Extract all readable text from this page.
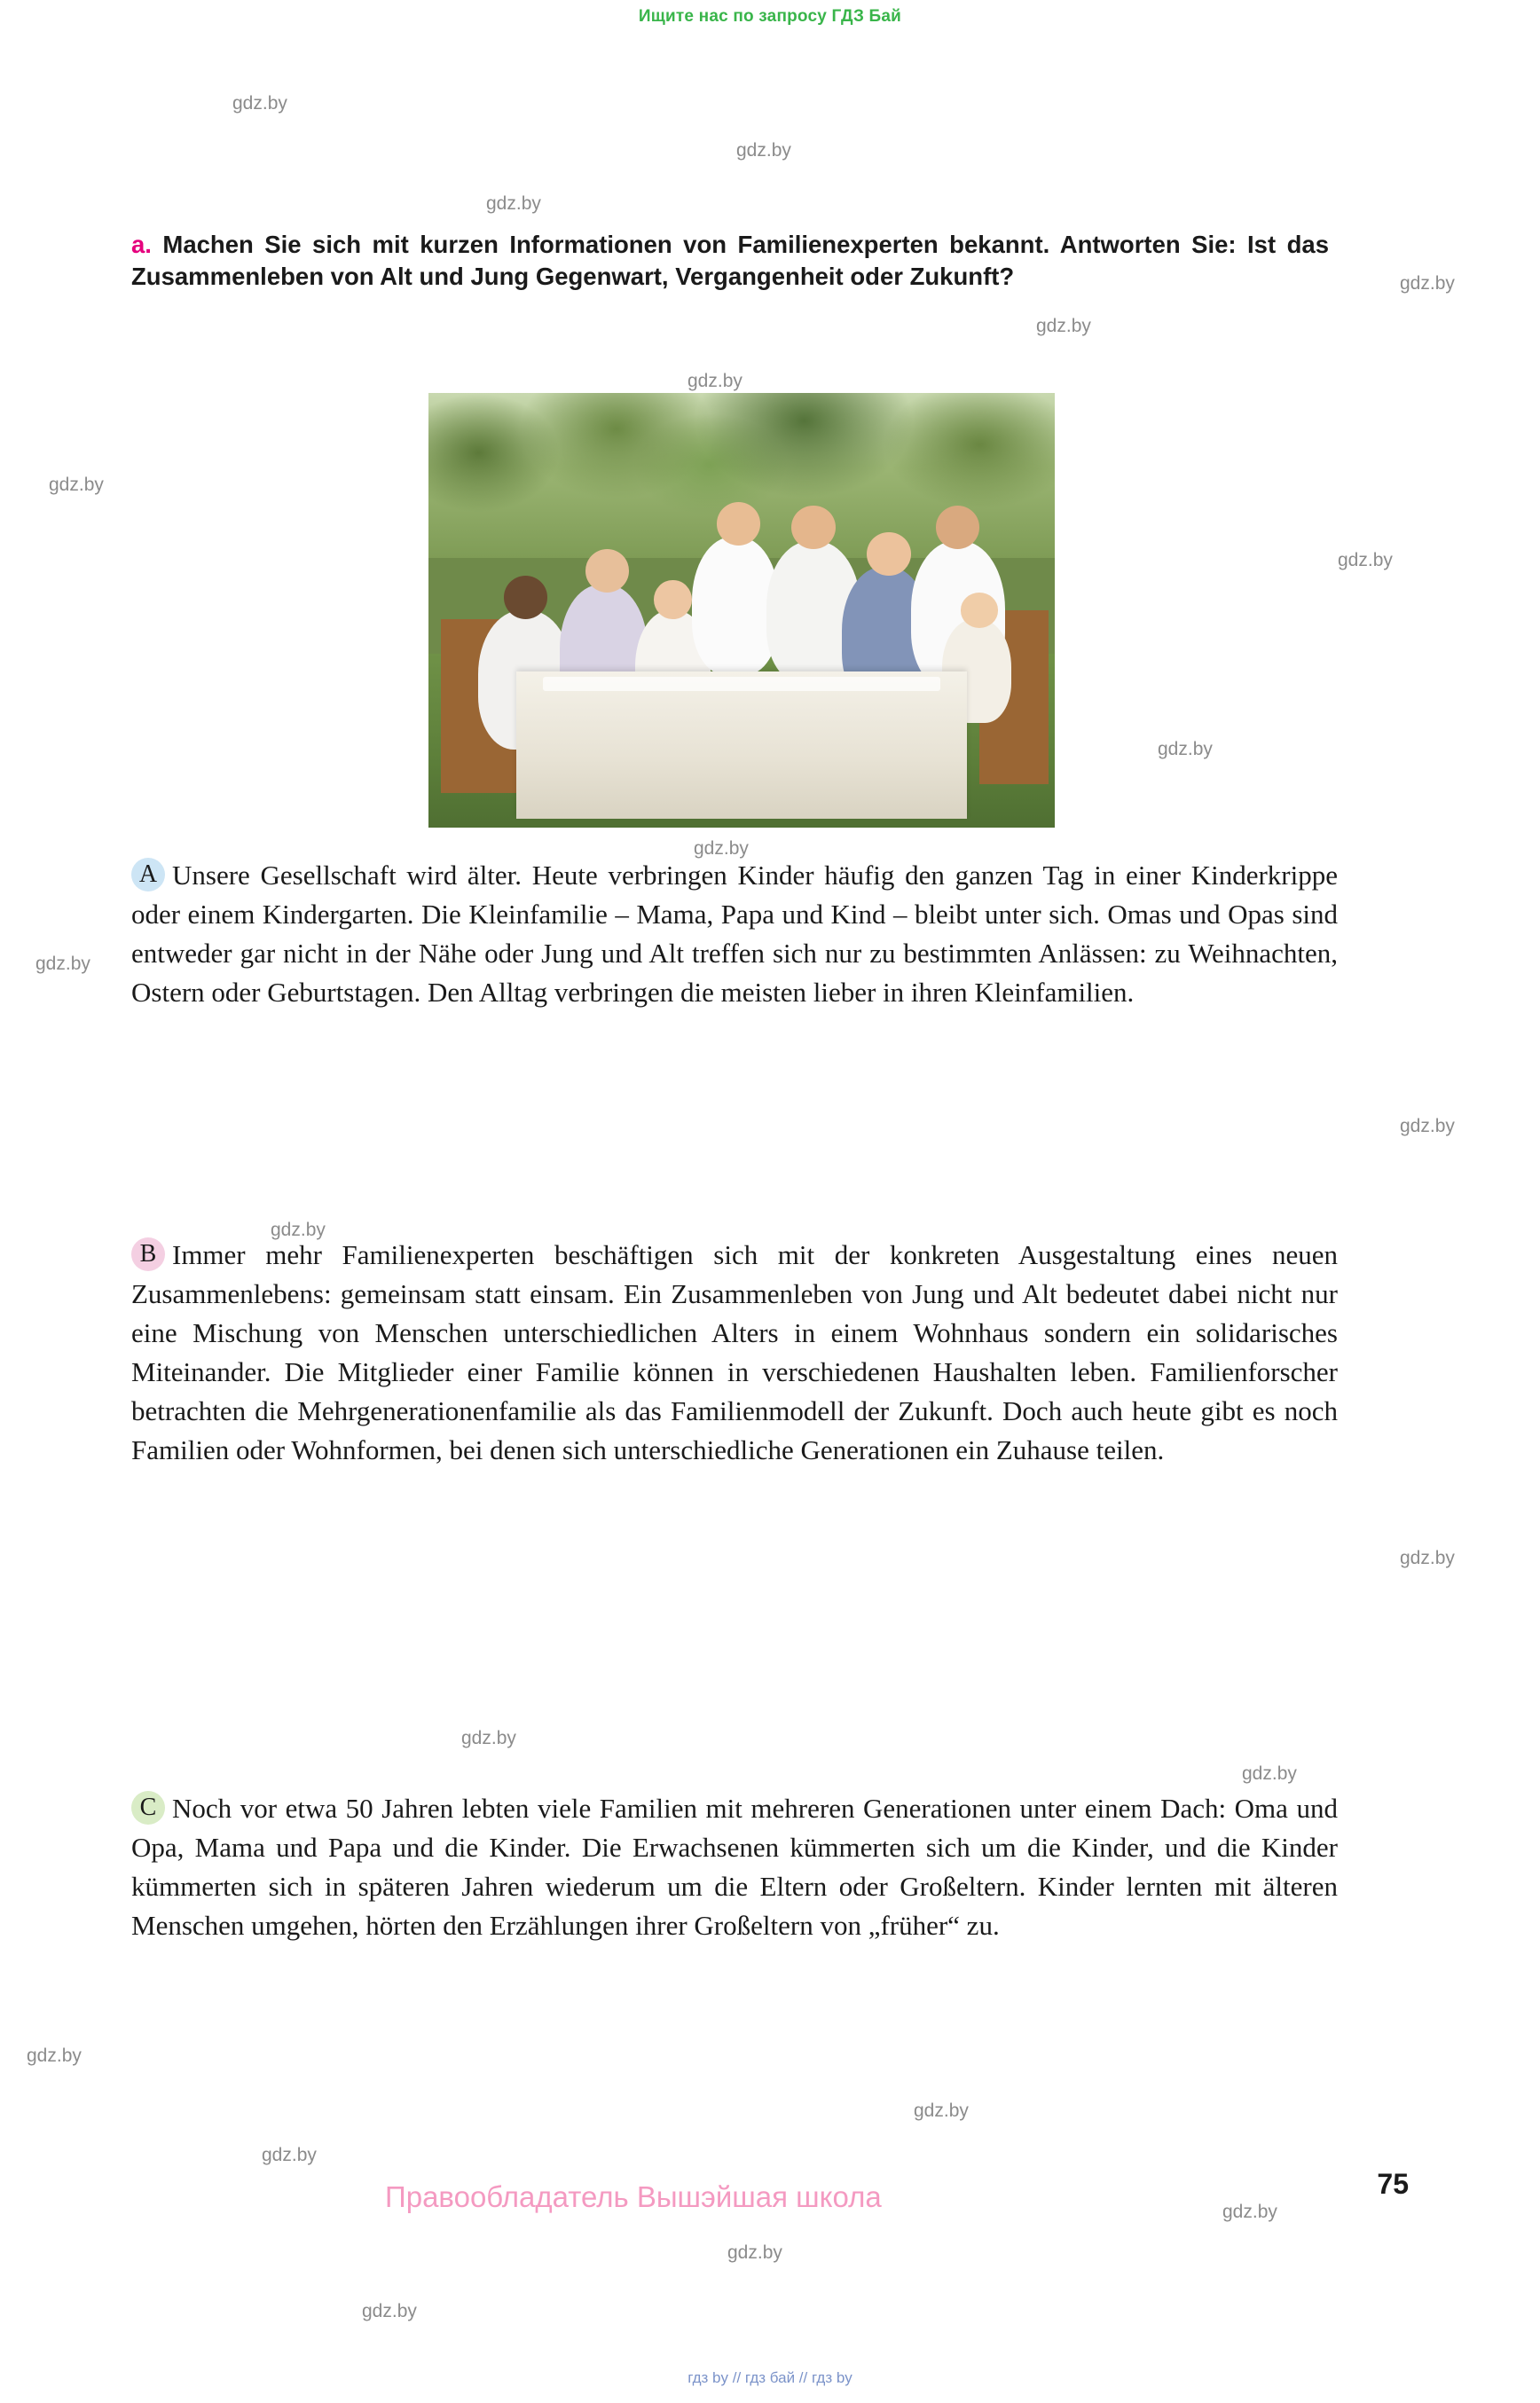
Ищите нас по запросу ГДЗ Бай
a. Machen Sie sich mit kurzen Informationen von Familienexperten bekannt. Antworten Sie: Ist das Zusammenleben von Alt und Jung Gegenwart, Vergangenheit oder Zukunft?
A Unsere Gesellschaft wird älter. Heute verbringen Kinder häufig den ganzen Tag in einer Kinderkrippe oder einem Kindergarten. Die Kleinfamilie – Mama, Papa und Kind – bleibt unter sich. Omas und Opas sind entweder gar nicht in der Nähe oder Jung und Alt treffen sich nur zu bestimmten Anlässen: zu Weihnachten, Ostern oder Geburtstagen. Den Alltag verbringen die meisten lieber in ihren Kleinfamilien.
B Immer mehr Familienexperten beschäftigen sich mit der konkreten Ausgestaltung eines neuen Zusammenlebens: gemeinsam statt einsam. Ein Zusammenleben von Jung und Alt bedeutet dabei nicht nur eine Mischung von Menschen unterschiedlichen Alters in einem Wohnhaus sondern ein solidarisches Miteinander. Die Mitglieder einer Familie können in verschiedenen Haushalten leben. Familienforscher betrachten die Mehrgenerationenfamilie als das Familienmodell der Zukunft. Doch auch heute gibt es noch Familien oder Wohnformen, bei denen sich unterschiedliche Generationen ein Zuhause teilen.
C Noch vor etwa 50 Jahren lebten viele Familien mit mehreren Generationen unter einem Dach: Oma und Opa, Mama und Papa und die Kinder. Die Erwachsenen kümmerten sich um die Kinder, und die Kinder kümmerten sich in späteren Jahren wiederum um die Eltern oder Großeltern. Kinder lernten mit älteren Menschen umgehen, hörten den Erzählungen ihrer Großeltern von „früher“ zu.
75
Правообладатель Вышэйшая школа
гдз by // гдз бай // гдз bу
gdz.by
gdz.by
gdz.by
gdz.by
gdz.by
gdz.by
gdz.by
gdz.by
gdz.by
gdz.by
gdz.by
gdz.by
gdz.by
gdz.by
gdz.by
gdz.by
gdz.by
gdz.by
gdz.by
gdz.by
gdz.by
gdz.by
